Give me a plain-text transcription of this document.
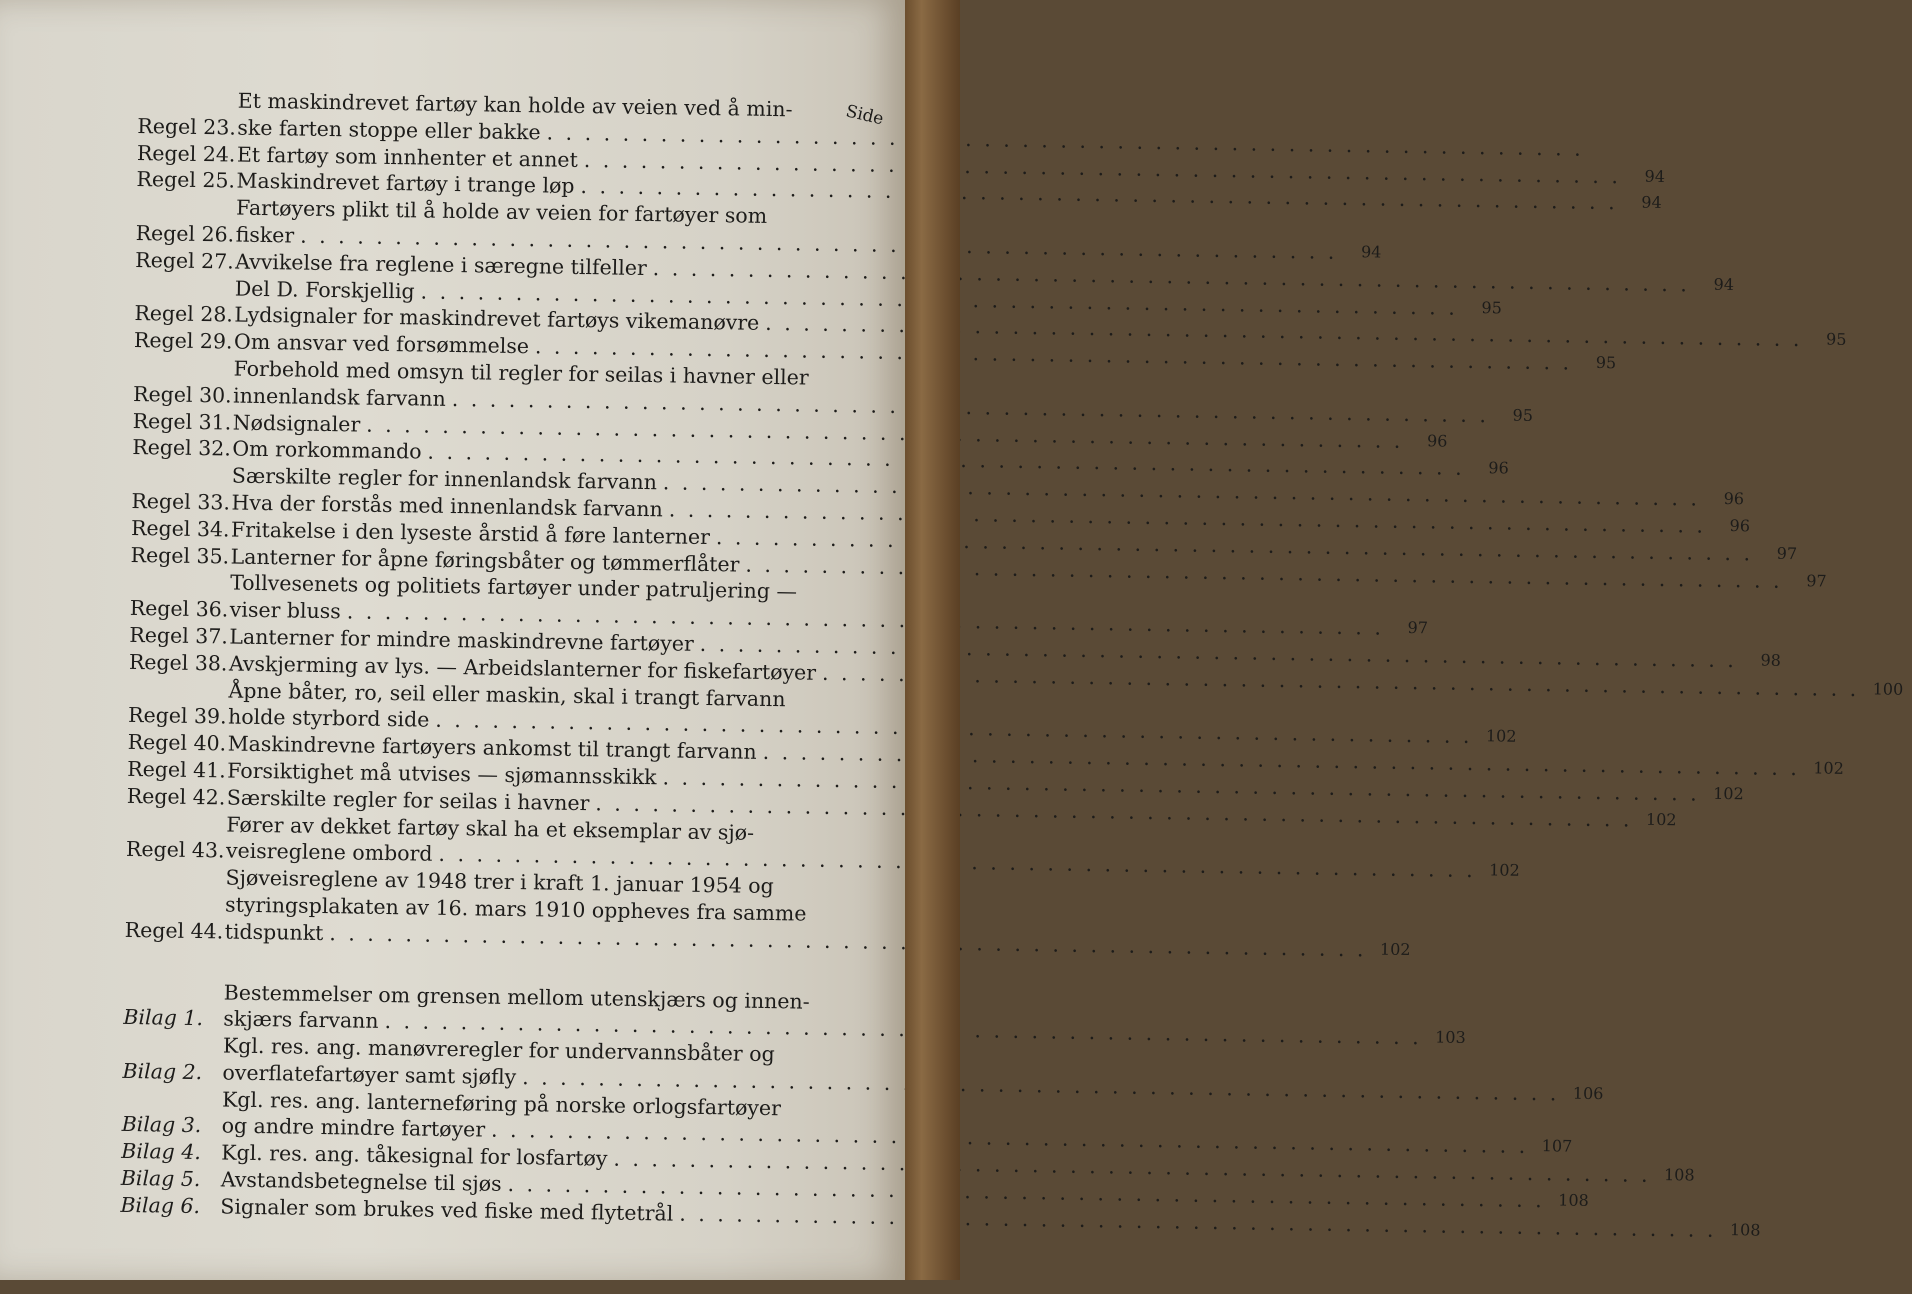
Side
Regel 23.
Et maskindrevet fartøy kan holde av veien ved å min-
ske farten stoppe eller bakke
. . .
Regel 24. Et fartøy som innhenter et annet
. . .
94
Regel 25. Maskindrevet fartøy i trange løp
. . .
94
Regel 26.
Fartøyers plikt til å holde av veien for fartøyer som
fisker
. . .
94
Regel 27. Avvikelse fra reglene i særegne tilfeller
. . .
94
Del D. Forskjellig
. . .
95
Regel 28. Lydsignaler for maskindrevet fartøys vikemanøvre
. . .
95
Regel 29. Om ansvar ved forsømmelse
. . .
95
Regel 30.
Forbehold med omsyn til regler for seilas i havner eller
innenlandsk farvann
. . .
95
Regel 31. Nødsignaler
. . .
96
Regel 32. Om rorkommando
. . .
96
Særskilte regler for innenlandsk farvann
. . .
96
Regel 33. Hva der forstås med innenlandsk farvann
. . .
96
Regel 34. Fritakelse i den lyseste årstid å føre lanterner
. . .
97
Regel 35. Lanterner for åpne føringsbåter og tømmerflåter
. . .
97
Regel 36.
Tollvesenets og politiets fartøyer under patruljering —
viser bluss
. . .
97
Regel 37. Lanterner for mindre maskindrevne fartøyer
. . .
98
Regel 38. Avskjerming av lys. — Arbeidslanterner for fiskefartøyer
. . .
100
Regel 39.
Åpne båter, ro, seil eller maskin, skal i trangt farvann
holde styrbord side
. . .
102
Regel 40. Maskindrevne fartøyers ankomst til trangt farvann
. . .
102
Regel 41. Forsiktighet må utvises — sjømannsskikk
. . .
102
Regel 42. Særskilte regler for seilas i havner
. . .
102
Regel 43.
Fører av dekket fartøy skal ha et eksemplar av sjø-
veisreglene ombord
. . .
102
Regel 44.
Sjøveisreglene av 1948 trer i kraft 1. januar 1954 og
styringsplakaten av 16. mars 1910 oppheves fra samme
tidspunkt
. . .
102
Bilag 1.
Bestemmelser om grensen mellom utenskjærs og innen-
skjærs farvann
. . .
103
Bilag 2.
Kgl. res. ang. manøvreregler for undervannsbåter og
overflatefartøyer samt sjøfly
. . .
106
Bilag 3.
Kgl. res. ang. lanterneføring på norske orlogsfartøyer
og andre mindre fartøyer
. . .
107
Bilag 4. Kgl. res. ang. tåkesignal for losfartøy
. . .
108
Bilag 5. Avstandsbetegnelse til sjøs
. . .
108
Bilag 6. Signaler som brukes ved fiske med flytetrål
. . .
108
